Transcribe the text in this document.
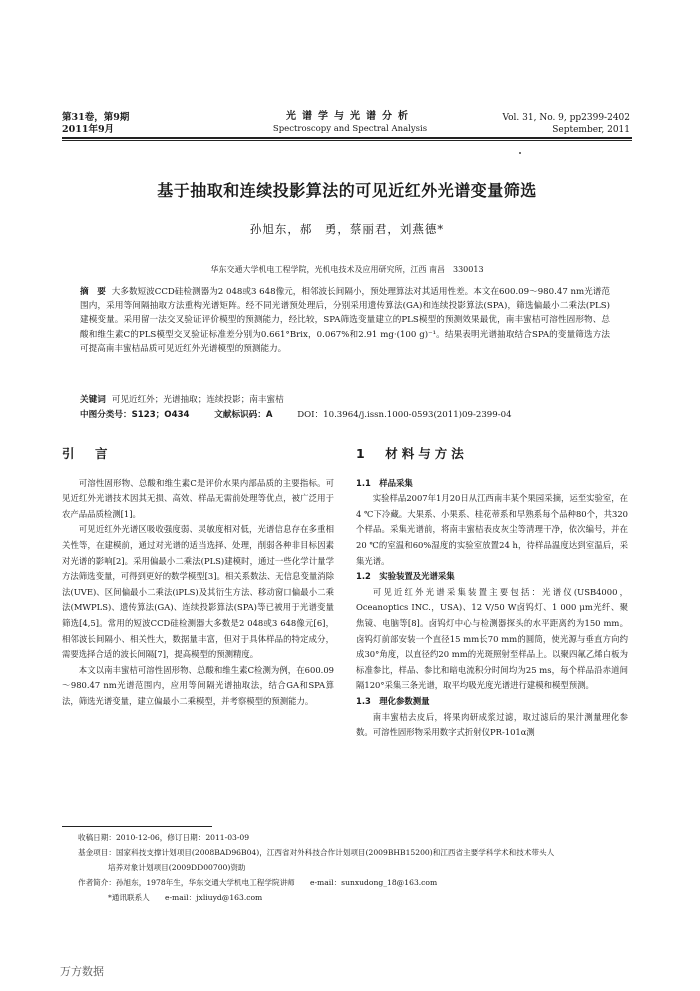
第31卷，第9期
2011年9月
光谱学与光谱分析
Spectroscopy and Spectral Analysis
Vol. 31, No. 9, pp2399-2402
September, 2011
基于抽取和连续投影算法的可见近红外光谱变量筛选
孙旭东，郝　勇，蔡丽君，刘燕德*
华东交通大学机电工程学院，光机电技术及应用研究所，江西 南昌　330013
摘　要 大多数短波CCD硅检测器为2 048或3 648像元，相邻波长间隔小，预处理算法对其适用性差。本文在600.09～980.47 nm光谱范围内，采用等间隔抽取方法重构光谱矩阵。经不同光谱预处理后，分别采用遗传算法(GA)和连续投影算法(SPA)，筛选偏最小二乘法(PLS)建模变量。采用留一法交叉验证评价模型的预测能力，经比较，SPA筛选变量建立的PLS模型的预测效果最优，南丰蜜桔可溶性固形物、总酸和维生素C的PLS模型交叉验证标准差分别为0.661°Brix，0.067%和2.91 mg·(100 g)⁻¹。结果表明光谱抽取结合SPA的变量筛选方法可提高南丰蜜桔品质可见近红外光谱模型的预测能力。
关键词 可见近红外；光谱抽取；连续投影；南丰蜜桔
中图分类号：S123；O434	文献标识码：A	DOI：10.3964/j.issn.1000-0593(2011)09-2399-04
引　言

可溶性固形物、总酸和维生素C是评价水果内部品质的主要指标。可见近红外光谱技术因其无损、高效、样品无需前处理等优点，被广泛用于农产品品质检测[1]。

可见近红外光谱区吸收强度弱、灵敏度相对低，光谱信息存在多重相关性等，在建模前，通过对光谱的适当选择、处理，削弱各种非目标因素对光谱的影响[2]。采用偏最小二乘法(PLS)建模时，通过一些化学计量学方法筛选变量，可得到更好的数学模型[3]。相关系数法、无信息变量消除法(UVE)、区间偏最小二乘法(iPLS)及其衍生方法、移动窗口偏最小二乘法(MWPLS)、遗传算法(GA)、连续投影算法(SPA)等已被用于光谱变量筛选[4,5]。常用的短波CCD硅检测器大多数是2 048或3 648像元[6]，相邻波长间隔小、相关性大，数据量丰富，但对于具体样品的特定成分，需要选择合适的波长间隔[7]，提高模型的预测精度。

本文以南丰蜜桔可溶性固形物、总酸和维生素C检测为例，在600.09～980.47 nm光谱范围内，应用等间隔光谱抽取法，结合GA和SPA算法，筛选光谱变量，建立偏最小二乘模型，并考察模型的预测能力。

1　材料与方法
1.1　样品采集

实验样品2007年1月20日从江西南丰某个果园采摘，运至实验室，在4 ℃下冷藏。大果系、小果系、桂花蒂系和早熟系每个品种80个，共320个样品。采集光谱前，将南丰蜜桔表皮灰尘等清理干净，依次编号，并在20 ℃的室温和60%湿度的实验室放置24 h，待样品温度达到室温后，采集光谱。

1.2　实验装置及光谱采集

可见近红外光谱采集装置主要包括：光谱仪(USB4000，Oceanoptics INC.，USA)、12 V/50 W卤钨灯、1 000 μm光纤、聚焦镜、电脑等[8]。卤钨灯中心与检测器探头的水平距离约为150 mm。卤钨灯前部安装一个直径15 mm长70 mm的圆筒，使光源与垂直方向约成30°角度，以直径约20 mm的光斑照射至样品上。以聚四氟乙烯白板为标准参比，样品、参比和暗电流积分时间均为25 ms，每个样品沿赤道间隔120°采集三条光谱，取平均吸光度光谱进行建模和模型预测。

1.3　理化参数测量

南丰蜜桔去皮后，将果肉研成浆过滤，取过滤后的果汁测量理化参数。可溶性固形物采用数字式折射仪PR-101α测

收稿日期：2010-12-06，修订日期：2011-03-09
基金项目：国家科技支撑计划项目(2008BAD96B04)，江西省对外科技合作计划项目(2009BHB15200)和江西省主要学科学术和技术带头人
培养对象计划项目(2009DD00700)资助
作者简介：孙旭东，1978年生，华东交通大学机电工程学院讲师　　e-mail：sunxudong_18@163.com
*通讯联系人　　e-mail：jxliuyd@163.com
万方数据
